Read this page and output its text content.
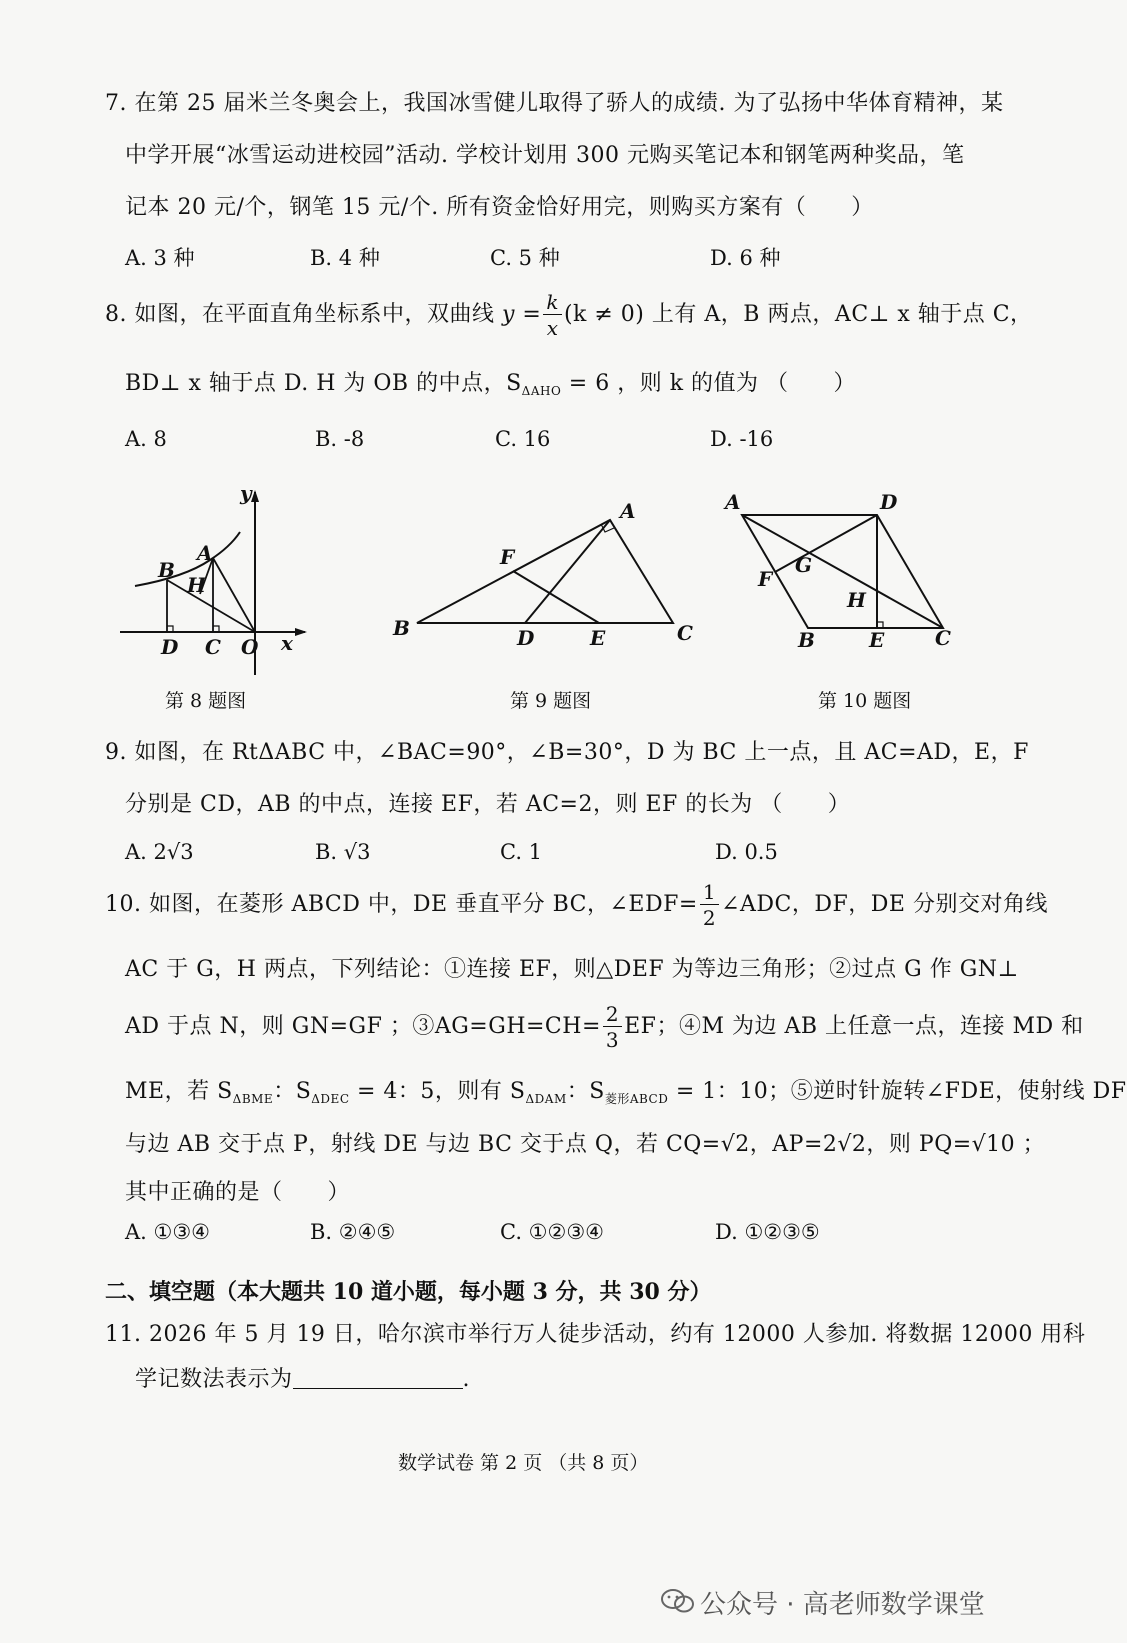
7. 在第 25 届米兰冬奥会上，我国冰雪健儿取得了骄人的成绩. 为了弘扬中华体育精神，某
中学开展“冰雪运动进校园”活动. 学校计划用 300 元购买笔记本和钢笔两种奖品，笔
记本 20 元/个，钢笔 15 元/个. 所有资金恰好用完，则购买方案有（　　）
A. 3 种	B. 4 种	C. 5 种	D. 6 种
8. 如图，在平面直角坐标系中，双曲线 $y = \frac{k}{x} (k \ne 0)$ 上有 A，B 两点，AC⊥ x 轴于点 C，
BD⊥ x 轴于点 D. H 为 OB 的中点，$S_{\Delta AHO} = 6$ ，则 k 的值为 （　　）
A. 8	B. -8	C. 16	D. -16
y
A
B
H
D C O x
第 8 题图
A
F
B	D	E	C
第 9 题图
A	D
G
F
H
B	E	C
第 10 题图
9. 如图，在 RtΔABC 中，∠BAC=90°，∠B=30°，D 为 BC 上一点，且 AC=AD，E，F
分别是 CD，AB 的中点，连接 EF，若 AC=2，则 EF 的长为 （　　）
A. 2√3	B. √3	C. 1	D. 0.5
10. 如图，在菱形 ABCD 中，DE 垂直平分 BC，∠EDF= $\frac{1}{2}$ ∠ADC，DF，DE 分别交对角线
AC 于 G，H 两点，下列结论：①连接 EF，则△DEF 为等边三角形；②过点 G 作 GN⊥
AD 于点 N，则 GN=GF ；③AG=GH=CH= $\frac{2}{3}$ EF；④M 为边 AB 上任意一点，连接 MD 和
ME，若 $S_{\Delta BME}$：$S_{\Delta DEC} = 4$：5，则有 $S_{\Delta DAM}$：$S_{菱形ABCD} = 1$：10；⑤逆时针旋转∠FDE，使射线 DF
与边 AB 交于点 P，射线 DE 与边 BC 交于点 Q，若 CQ=√2，AP=2√2，则 PQ=√10 ；
其中正确的是（　　）
A. ①③④	B. ②④⑤	C. ①②③④	D. ①②③⑤
二、填空题（本大题共 10 道小题，每小题 3 分，共 30 分）
11. 2026 年 5 月 19 日，哈尔滨市举行万人徒步活动，约有 12000 人参加. 将数据 12000 用科
学记数法表示为	.
数学试卷 第 2 页 （共 8 页）
公众号 · 高老师数学课堂
